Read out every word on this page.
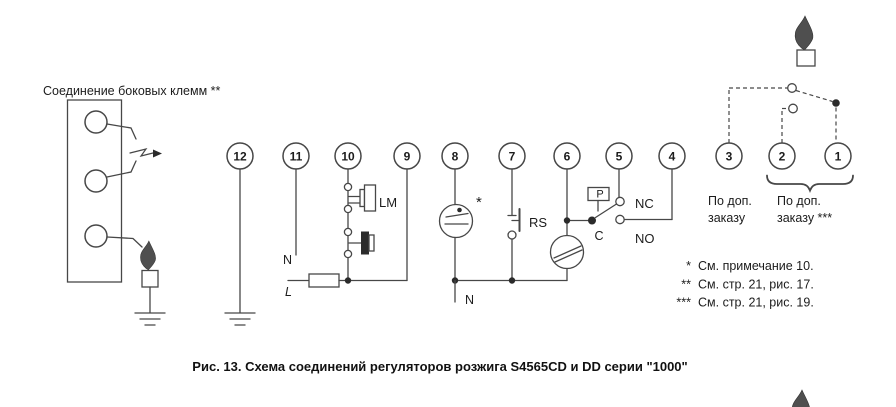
Соединение боковых клемм **
12	11	10	9	8	7	6	5	4	3	2	1
N
LM
L
*
RS
N
P
C
NC
NO
По доп.
заказу
По доп.
заказу ***
* См. примечание 10.
** См. стр. 21, рис. 17.
*** См. стр. 21, рис. 19.
Рис. 13. Схема соединений регуляторов розжига S4565CD и DD серии "1000"
